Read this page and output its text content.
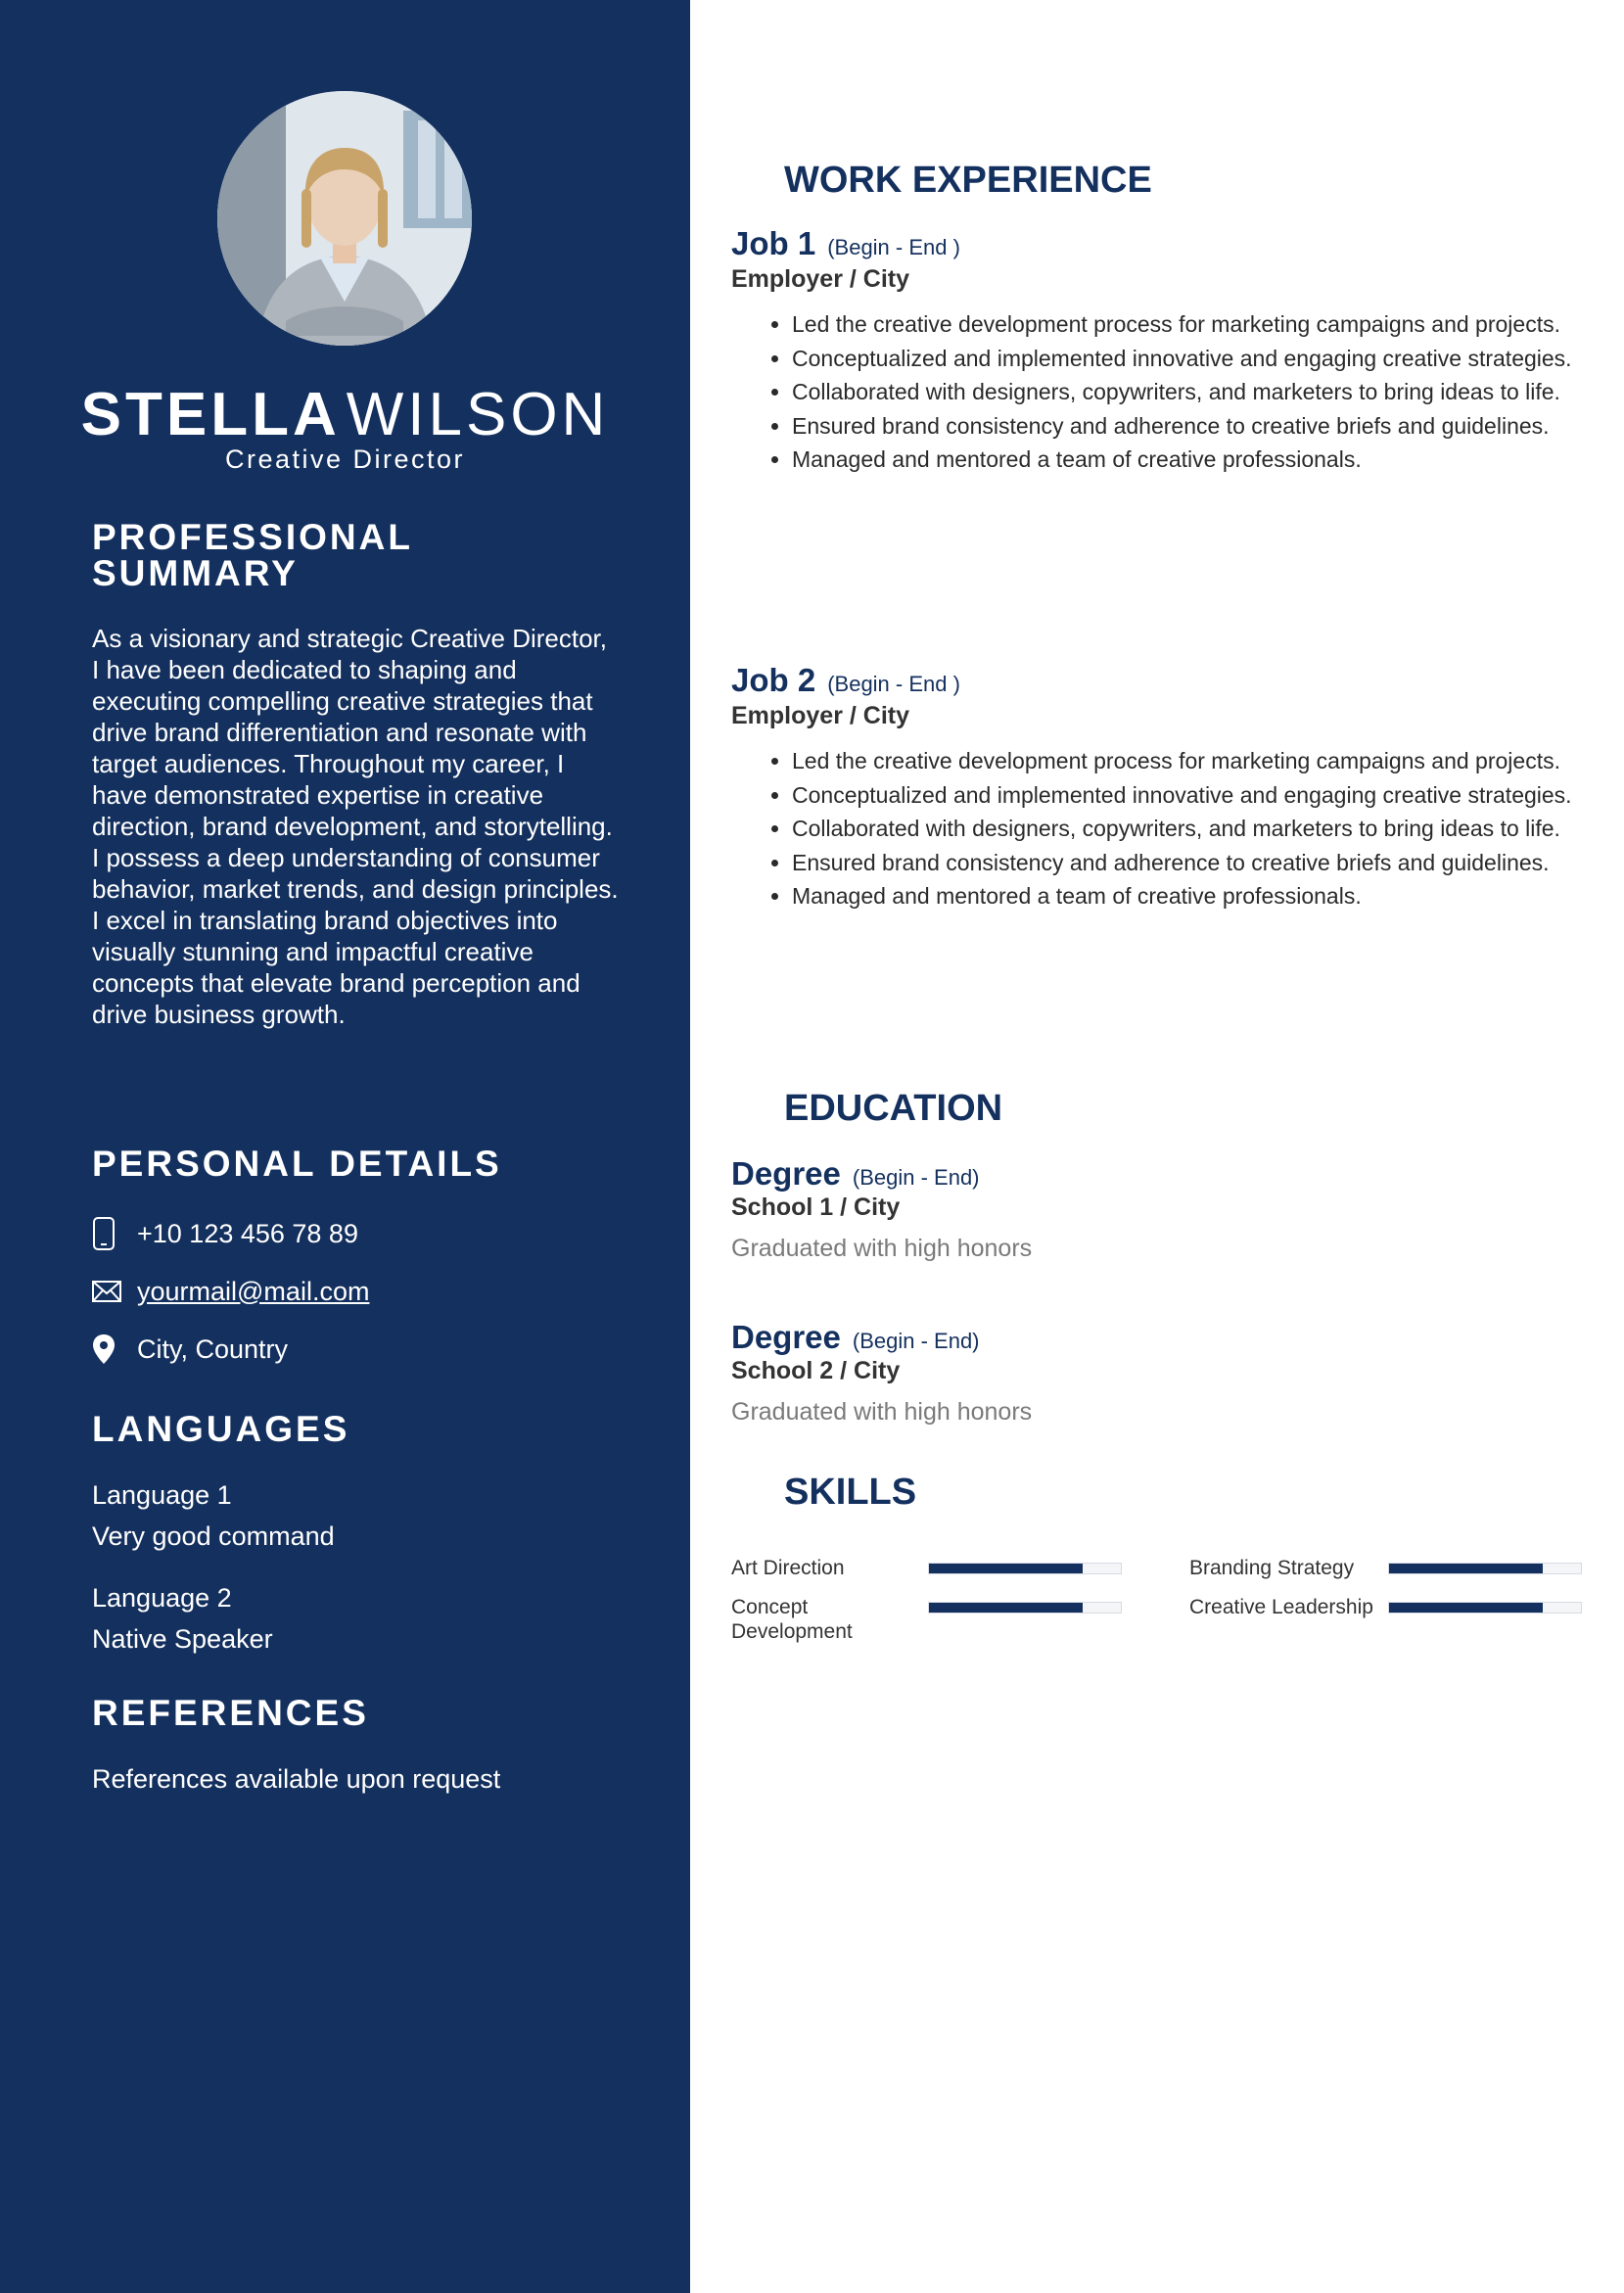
STELLAWILSON
Creative Director
PROFESSIONAL SUMMARY
As a visionary and strategic Creative Director, I have been dedicated to shaping and executing compelling creative strategies that drive brand differentiation and resonate with target audiences. Throughout my career, I have demonstrated expertise in creative direction, brand development, and storytelling. I possess a deep understanding of consumer behavior, market trends, and design principles. I excel in translating brand objectives into visually stunning and impactful creative concepts that elevate brand perception and drive business growth.
PERSONAL DETAILS
+10 123 456 78 89
yourmail@mail.com
City, Country
LANGUAGES
Language 1
Very good command
Language 2
Native Speaker
REFERENCES
References available upon request
WORK EXPERIENCE
Job 1 (Begin - End )
Employer / City
• Led the creative development process for marketing campaigns and projects.
• Conceptualized and implemented innovative and engaging creative strategies.
• Collaborated with designers, copywriters, and marketers to bring ideas to life.
• Ensured brand consistency and adherence to creative briefs and guidelines.
• Managed and mentored a team of creative professionals.
Job 2 (Begin - End )
Employer / City
• Led the creative development process for marketing campaigns and projects.
• Conceptualized and implemented innovative and engaging creative strategies.
• Collaborated with designers, copywriters, and marketers to bring ideas to life.
• Ensured brand consistency and adherence to creative briefs and guidelines.
• Managed and mentored a team of creative professionals.
EDUCATION
Degree (Begin - End)
School 1 / City
Graduated with high honors
Degree (Begin - End)
School 2 / City
Graduated with high honors
SKILLS
Art Direction	Branding Strategy
Concept Development
Creative Leadership
